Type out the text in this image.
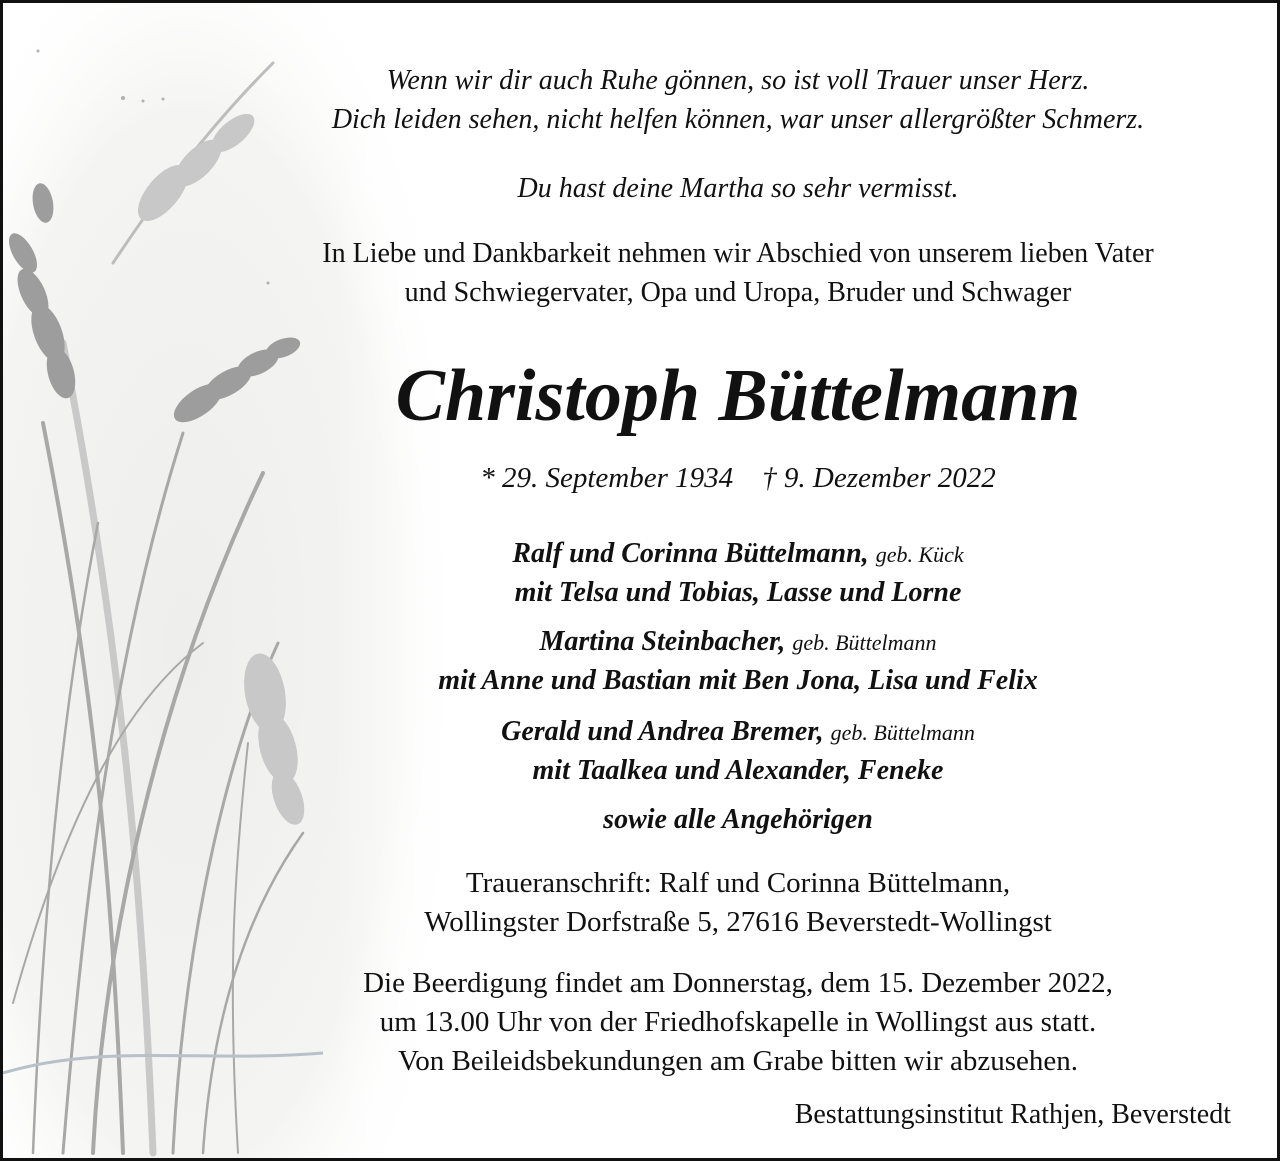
Wenn wir dir auch Ruhe gönnen, so ist voll Trauer unser Herz.
Dich leiden sehen, nicht helfen können, war unser allergrößter Schmerz.
Du hast deine Martha so sehr vermisst.
In Liebe und Dankbarkeit nehmen wir Abschied von unserem lieben Vater
und Schwiegervater, Opa und Uropa, Bruder und Schwager
Christoph Büttelmann
* 29. September 1934 † 9. Dezember 2022
Ralf und Corinna Büttelmann, geb. Kück
mit Telsa und Tobias, Lasse und Lorne
Martina Steinbacher, geb. Büttelmann
mit Anne und Bastian mit Ben Jona, Lisa und Felix
Gerald und Andrea Bremer, geb. Büttelmann
mit Taalkea und Alexander, Feneke
sowie alle Angehörigen
Traueranschrift: Ralf und Corinna Büttelmann,
Wollingster Dorfstraße 5, 27616 Beverstedt-Wollingst
Die Beerdigung findet am Donnerstag, dem 15. Dezember 2022,
um 13.00 Uhr von der Friedhofskapelle in Wollingst aus statt.
Von Beileidsbekundungen am Grabe bitten wir abzusehen.
Bestattungsinstitut Rathjen, Beverstedt
